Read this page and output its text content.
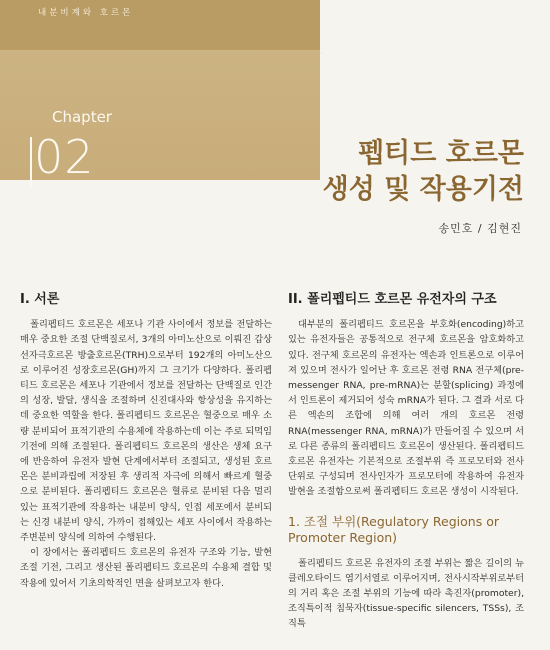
내분비계와 호르몬
·
Chapter
02	펩티드 호르몬
생성 및 작용기전
송민호 / 김현진
I. 서론

폴리펩티드 호르몬은 세포나 기관 사이에서 정보를 전달하는 매우 중요한 조절 단백질로서, 3개의 아미노산으로 이뤄진 갑상선자극호르몬 방출호르몬(TRH)으로부터 192개의 아미노산으로 이루어진 성장호르몬(GH)까지 그 크기가 다양하다. 폴리펩티드 호르몬은 세포나 기관에서 정보를 전달하는 단백질로 인간의 성장, 발달, 생식을 조절하며 신진대사와 항상성을 유지하는데 중요한 역할을 한다. 폴리펩티드 호르몬은 혈중으로 매우 소량 분비되어 표적기관의 수용체에 작용하는데 이는 주로 되먹임 기전에 의해 조절된다. 폴리펩티드 호르몬의 생산은 생체 요구에 반응하여 유전자 발현 단계에서부터 조절되고, 생성된 호르몬은 분비과립에 저장된 후 생리적 자극에 의해서 빠르게 혈중으로 분비된다. 폴리펩티드 호르몬은 혈류로 분비된 다음 멀리 있는 표적기관에 작용하는 내분비 양식, 인접 세포에서 분비되는 신경 내분비 양식, 가까이 접해있는 세포 사이에서 작용하는 주변분비 양식에 의하여 수행된다.

이 장에서는 폴리펩티드 호르몬의 유전자 구조와 기능, 발현 조절 기전, 그리고 생산된 폴리펩티드 호르몬의 수용체 결합 및 작용에 있어서 기초의학적인 면을 살펴보고자 한다.

II. 폴리펩티드 호르몬 유전자의 구조

대부분의 폴리펩티드 호르몬을 부호화(encoding)하고 있는 유전자들은 공통적으로 전구체 호르몬을 암호화하고 있다. 전구체 호르몬의 유전자는 엑손과 인트론으로 이루어져 있으며 전사가 일어난 후 호르몬 전령 RNA 전구체(pre-messenger RNA, pre-mRNA)는 분할(splicing) 과정에서 인트론이 제거되어 성숙 mRNA가 된다. 그 결과 서로 다른 엑손의 조합에 의해 여러 개의 호르몬 전령 RNA(messenger RNA, mRNA)가 만들어질 수 있으며 서로 다른 종류의 폴리펩티드 호르몬이 생산된다. 폴리펩티드 호르몬 유전자는 기본적으로 조절부위 즉 프로모터와 전사단위로 구성되며 전사인자가 프로모터에 작용하여 유전자 발현을 조절함으로써 폴리펩티드 호르몬 생성이 시작된다.

1. 조절 부위(Regulatory Regions or Promoter Region)

폴리펩티드 호르몬 유전자의 조절 부위는 짧은 길이의 뉴클레오타이드 염기서열로 이루어지며, 전사시작부위로부터의 거리 혹은 조절 부위의 기능에 따라 촉진자(promoter), 조직특이적 침묵자(tissue-specific silencers, TSSs), 조직특
